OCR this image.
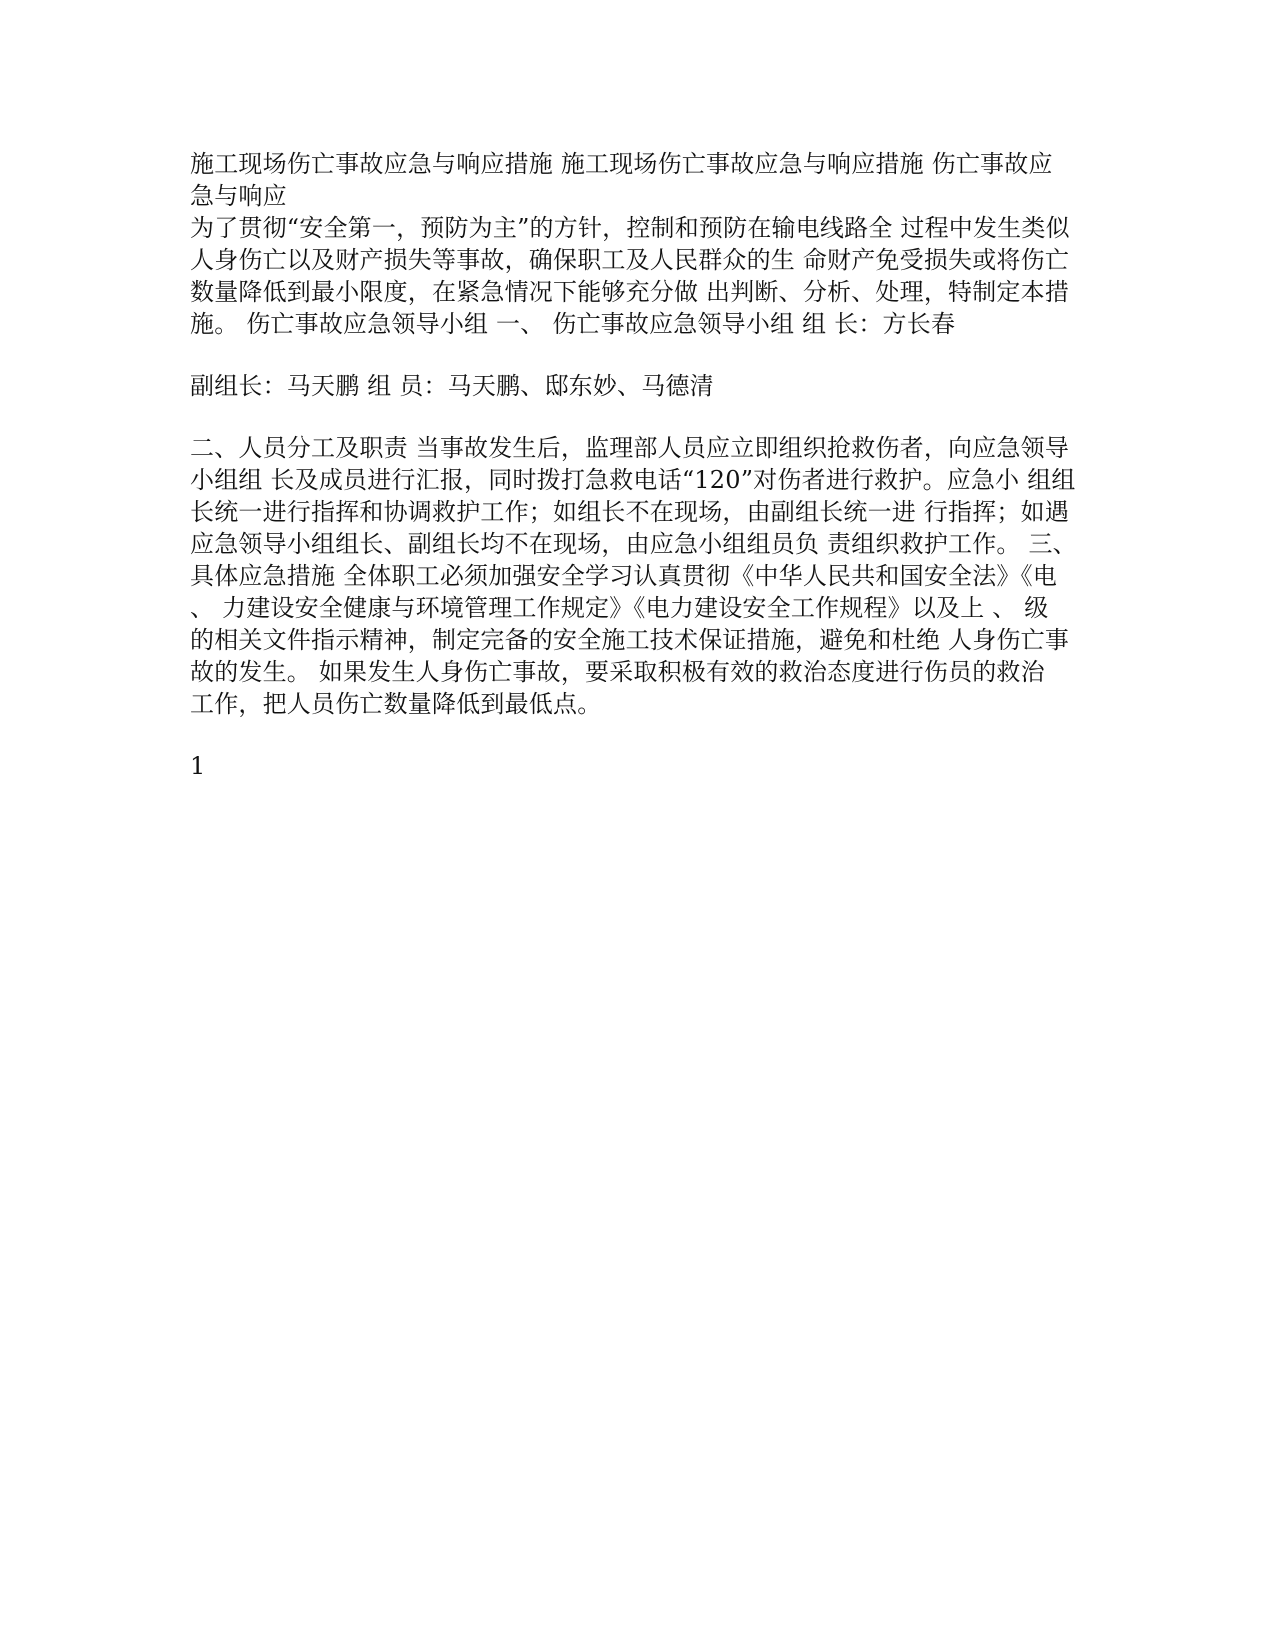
施工现场伤亡事故应急与响应措施 施工现场伤亡事故应急与响应措施 伤亡事故应
急与响应
为了贯彻“安全第一，预防为主”的方针，控制和预防在输电线路全 过程中发生类似
人身伤亡以及财产损失等事故，确保职工及人民群众的生 命财产免受损失或将伤亡
数量降低到最小限度，在紧急情况下能够充分做 出判断、分析、处理，特制定本措
施。 伤亡事故应急领导小组 一、 伤亡事故应急领导小组 组 长：方长春
副组长：马天鹏 组 员：马天鹏、邸东妙、马德清
二、人员分工及职责 当事故发生后，监理部人员应立即组织抢救伤者，向应急领导
小组组 长及成员进行汇报，同时拨打急救电话“120”对伤者进行救护。应急小 组组
长统一进行指挥和协调救护工作；如组长不在现场，由副组长统一进 行指挥；如遇
应急领导小组组长、副组长均不在现场，由应急小组组员负 责组织救护工作。 三、
具体应急措施 全体职工必须加强安全学习认真贯彻《中华人民共和国安全法》《电
、 力建设安全健康与环境管理工作规定》《电力建设安全工作规程》以及上 、 级
的相关文件指示精神，制定完备的安全施工技术保证措施，避免和杜绝 人身伤亡事
故的发生。 如果发生人身伤亡事故，要采取积极有效的救治态度进行伤员的救治
工作，把人员伤亡数量降低到最低点。
1
